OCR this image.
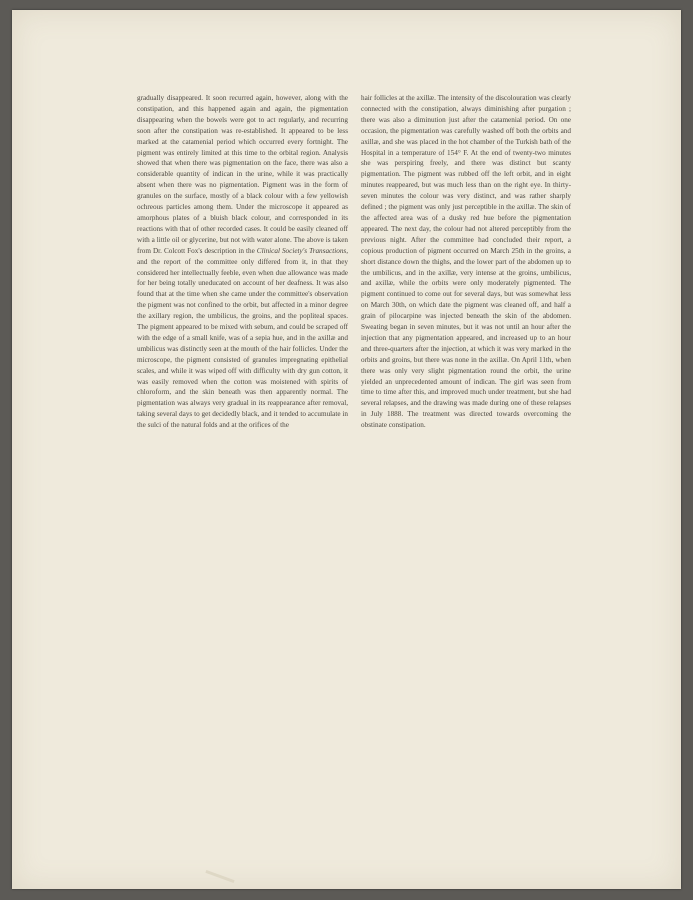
gradually disappeared. It soon recurred again, however, along with the constipation, and this happened again and again, the pigmentation disappearing when the bowels were got to act regularly, and recurring soon after the constipation was re-established. It appeared to be less marked at the catamenial period which occurred every fortnight. The pigment was entirely limited at this time to the orbital region. Analysis showed that when there was pigmentation on the face, there was also a considerable quantity of indican in the urine, while it was practically absent when there was no pigmentation. Pigment was in the form of granules on the surface, mostly of a black colour with a few yellowish ochreous particles among them. Under the microscope it appeared as amorphous plates of a bluish black colour, and corresponded in its reactions with that of other recorded cases. It could be easily cleaned off with a little oil or glycerine, but not with water alone. The above is taken from Dr. Colcott Fox's description in the Clinical Society's Transactions, and the report of the committee only differed from it, in that they considered her intellectually feeble, even when due allowance was made for her being totally uneducated on account of her deafness. It was also found that at the time when she came under the committee's observation the pigment was not confined to the orbit, but affected in a minor degree the axillary region, the umbilicus, the groins, and the popliteal spaces. The pigment appeared to be mixed with sebum, and could be scraped off with the edge of a small knife, was of a sepia hue, and in the axillæ and umbilicus was distinctly seen at the mouth of the hair follicles. Under the microscope, the pigment consisted of granules impregnating epithelial scales, and while it was wiped off with difficulty with dry gun cotton, it was easily removed when the cotton was moistened with spirits of chloroform, and the skin beneath was then apparently normal. The pigmentation was always very gradual in its reappearance after removal, taking several days to get decidedly black, and it tended to accumulate in the sulci of the natural folds and at the orifices of the

hair follicles at the axillæ. The intensity of the discolouration was clearly connected with the constipation, always diminishing after purgation ; there was also a diminution just after the catamenial period. On one occasion, the pigmentation was carefully washed off both the orbits and axillæ, and she was placed in the hot chamber of the Turkish bath of the Hospital in a temperature of 154° F. At the end of twenty-two minutes she was perspiring freely, and there was distinct but scanty pigmentation. The pigment was rubbed off the left orbit, and in eight minutes reappeared, but was much less than on the right eye. In thirty-seven minutes the colour was very distinct, and was rather sharply defined ; the pigment was only just perceptible in the axillæ. The skin of the affected area was of a dusky red hue before the pigmentation appeared. The next day, the colour had not altered perceptibly from the previous night. After the committee had concluded their report, a copious production of pigment occurred on March 25th in the groins, a short distance down the thighs, and the lower part of the abdomen up to the umbilicus, and in the axillæ, very intense at the groins, umbilicus, and axillæ, while the orbits were only moderately pigmented. The pigment continued to come out for several days, but was somewhat less on March 30th, on which date the pigment was cleaned off, and half a grain of pilocarpine was injected beneath the skin of the abdomen. Sweating began in seven minutes, but it was not until an hour after the injection that any pigmentation appeared, and increased up to an hour and three-quarters after the injection, at which it was very marked in the orbits and groins, but there was none in the axillæ. On April 11th, when there was only very slight pigmentation round the orbit, the urine yielded an unprecedented amount of indican. The girl was seen from time to time after this, and improved much under treatment, but she had several relapses, and the drawing was made during one of these relapses in July 1888. The treatment was directed towards overcoming the obstinate constipation.
